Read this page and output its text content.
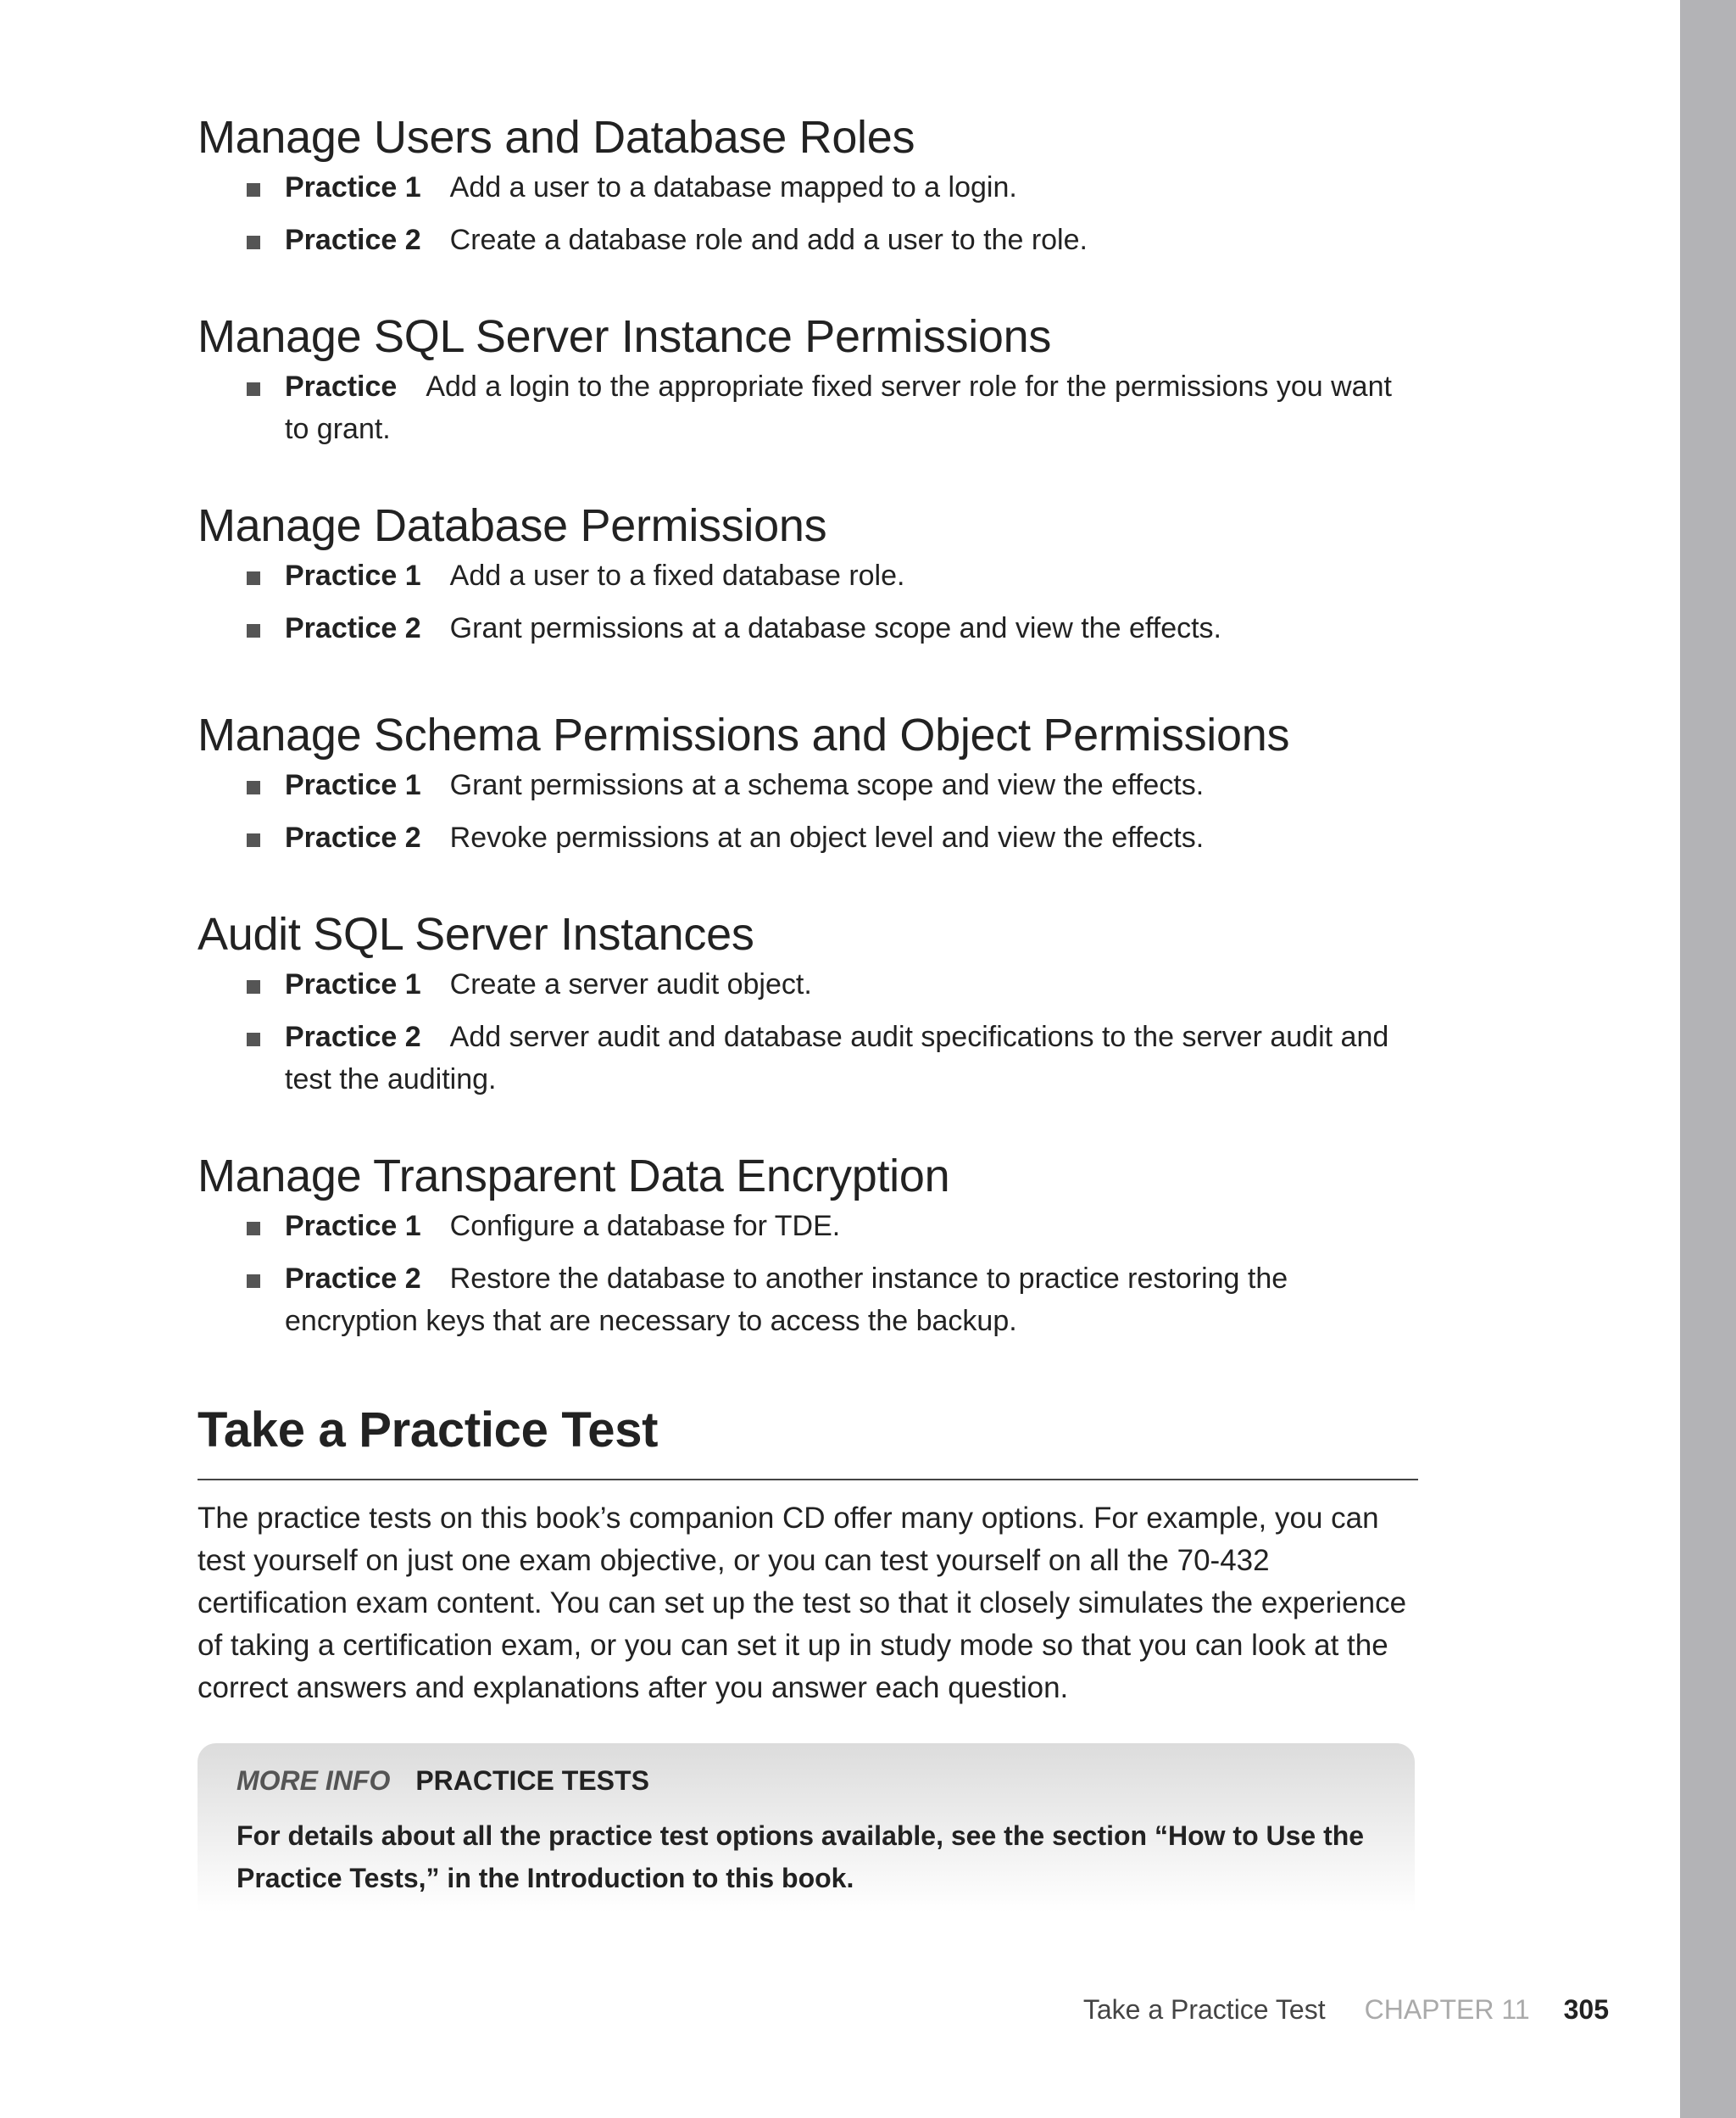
Manage Users and Database Roles
Practice 1 Add a user to a database mapped to a login.
Practice 2 Create a database role and add a user to the role.
Manage SQL Server Instance Permissions
Practice Add a login to the appropriate fixed server role for the permissions you want to grant.
Manage Database Permissions
Practice 1 Add a user to a fixed database role.
Practice 2 Grant permissions at a database scope and view the effects.
Manage Schema Permissions and Object Permissions
Practice 1 Grant permissions at a schema scope and view the effects.
Practice 2 Revoke permissions at an object level and view the effects.
Audit SQL Server Instances
Practice 1 Create a server audit object.
Practice 2 Add server audit and database audit specifications to the server audit and test the auditing.
Manage Transparent Data Encryption
Practice 1 Configure a database for TDE.
Practice 2 Restore the database to another instance to practice restoring the encryption keys that are necessary to access the backup.
Take a Practice Test

The practice tests on this book’s companion CD offer many options. For example, you can test yourself on just one exam objective, or you can test yourself on all the 70-432 certification exam content. You can set up the test so that it closely simulates the experience of taking a certification exam, or you can set it up in study mode so that you can look at the correct answers and explanations after you answer each question.

MORE INFO PRACTICE TESTS

For details about all the practice test options available, see the section “How to Use the Practice Tests,” in the Introduction to this book.

Take a Practice Test CHAPTER 11 305
